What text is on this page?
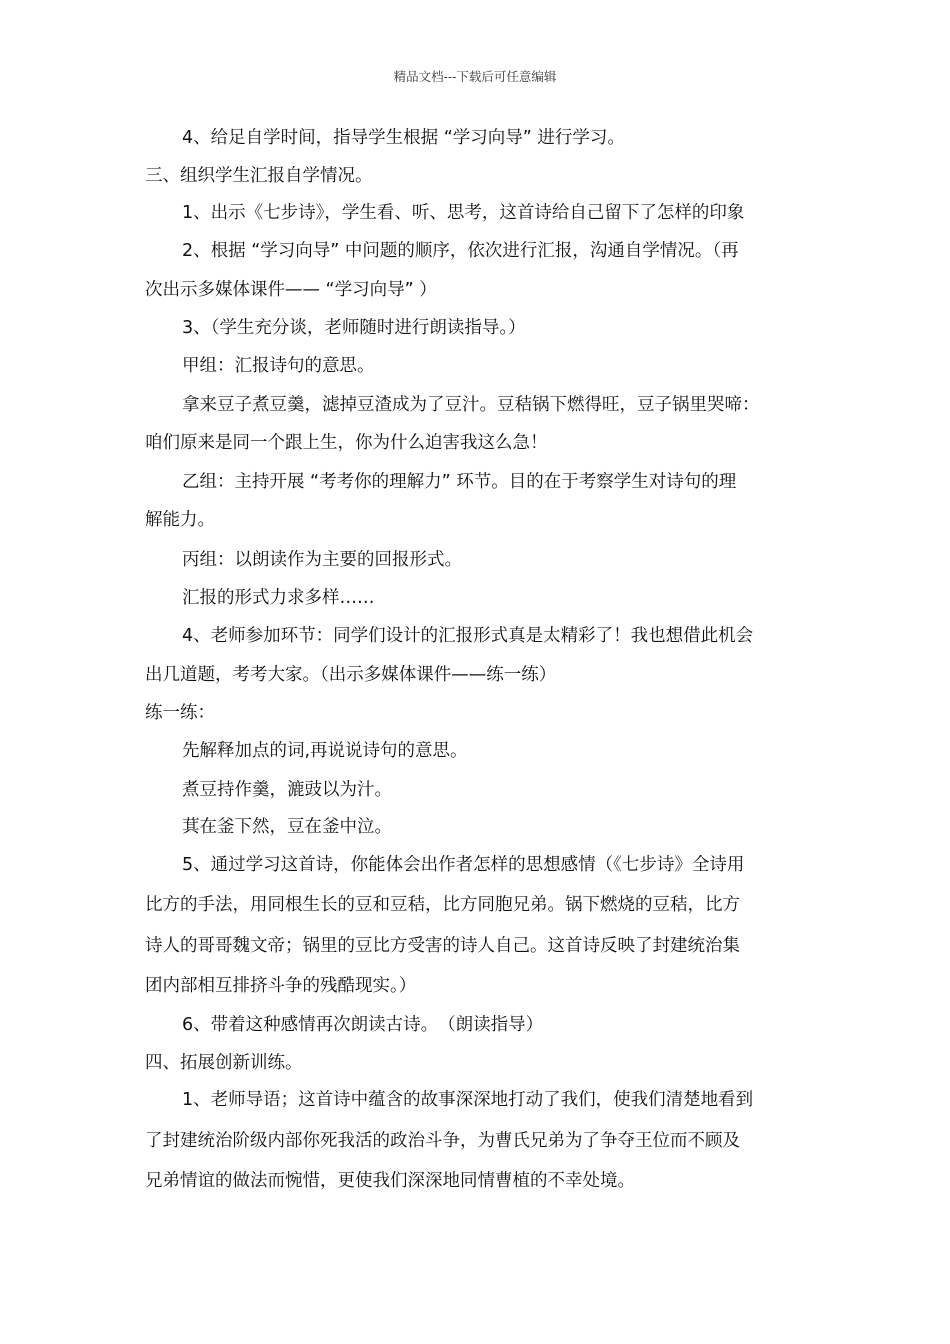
精品文档---下载后可任意编辑
4、给足自学时间，指导学生根据 “学习向导” 进行学习。
三、组织学生汇报自学情况。
1、出示《七步诗》，学生看、听、思考，这首诗给自己留下了怎样的印象
2、根据 “学习向导” 中问题的顺序，依次进行汇报，沟通自学情况。（再
次出示多媒体课件—— “学习向导” ）
3、（学生充分谈，老师随时进行朗读指导。）
甲组：汇报诗句的意思。
拿来豆子煮豆羹，滤掉豆渣成为了豆汁。豆秸锅下燃得旺，豆子锅里哭啼：
咱们原来是同一个跟上生，你为什么迫害我这么急！
乙组：主持开展 “考考你的理解力” 环节。目的在于考察学生对诗句的理
解能力。
丙组：以朗读作为主要的回报形式。
汇报的形式力求多样……
4、老师参加环节：同学们设计的汇报形式真是太精彩了！我也想借此机会
出几道题，考考大家。（出示多媒体课件——练一练）
练一练：
先解释加点的词,再说说诗句的意思。
煮豆持作羹，漉豉以为汁。
萁在釜下然，豆在釜中泣。
5、通过学习这首诗，你能体会出作者怎样的思想感情（《七步诗》全诗用
比方的手法，用同根生长的豆和豆秸，比方同胞兄弟。锅下燃烧的豆秸，比方
诗人的哥哥魏文帝；锅里的豆比方受害的诗人自己。这首诗反映了封建统治集
团内部相互排挤斗争的残酷现实。）
6、带着这种感情再次朗读古诗。　（朗读指导）
四、拓展创新训练。
1、老师导语；这首诗中蕴含的故事深深地打动了我们，使我们清楚地看到
了封建统治阶级内部你死我活的政治斗争，为曹氏兄弟为了争夺王位而不顾及
兄弟情谊的做法而惋惜，更使我们深深地同情曹植的不幸处境。
